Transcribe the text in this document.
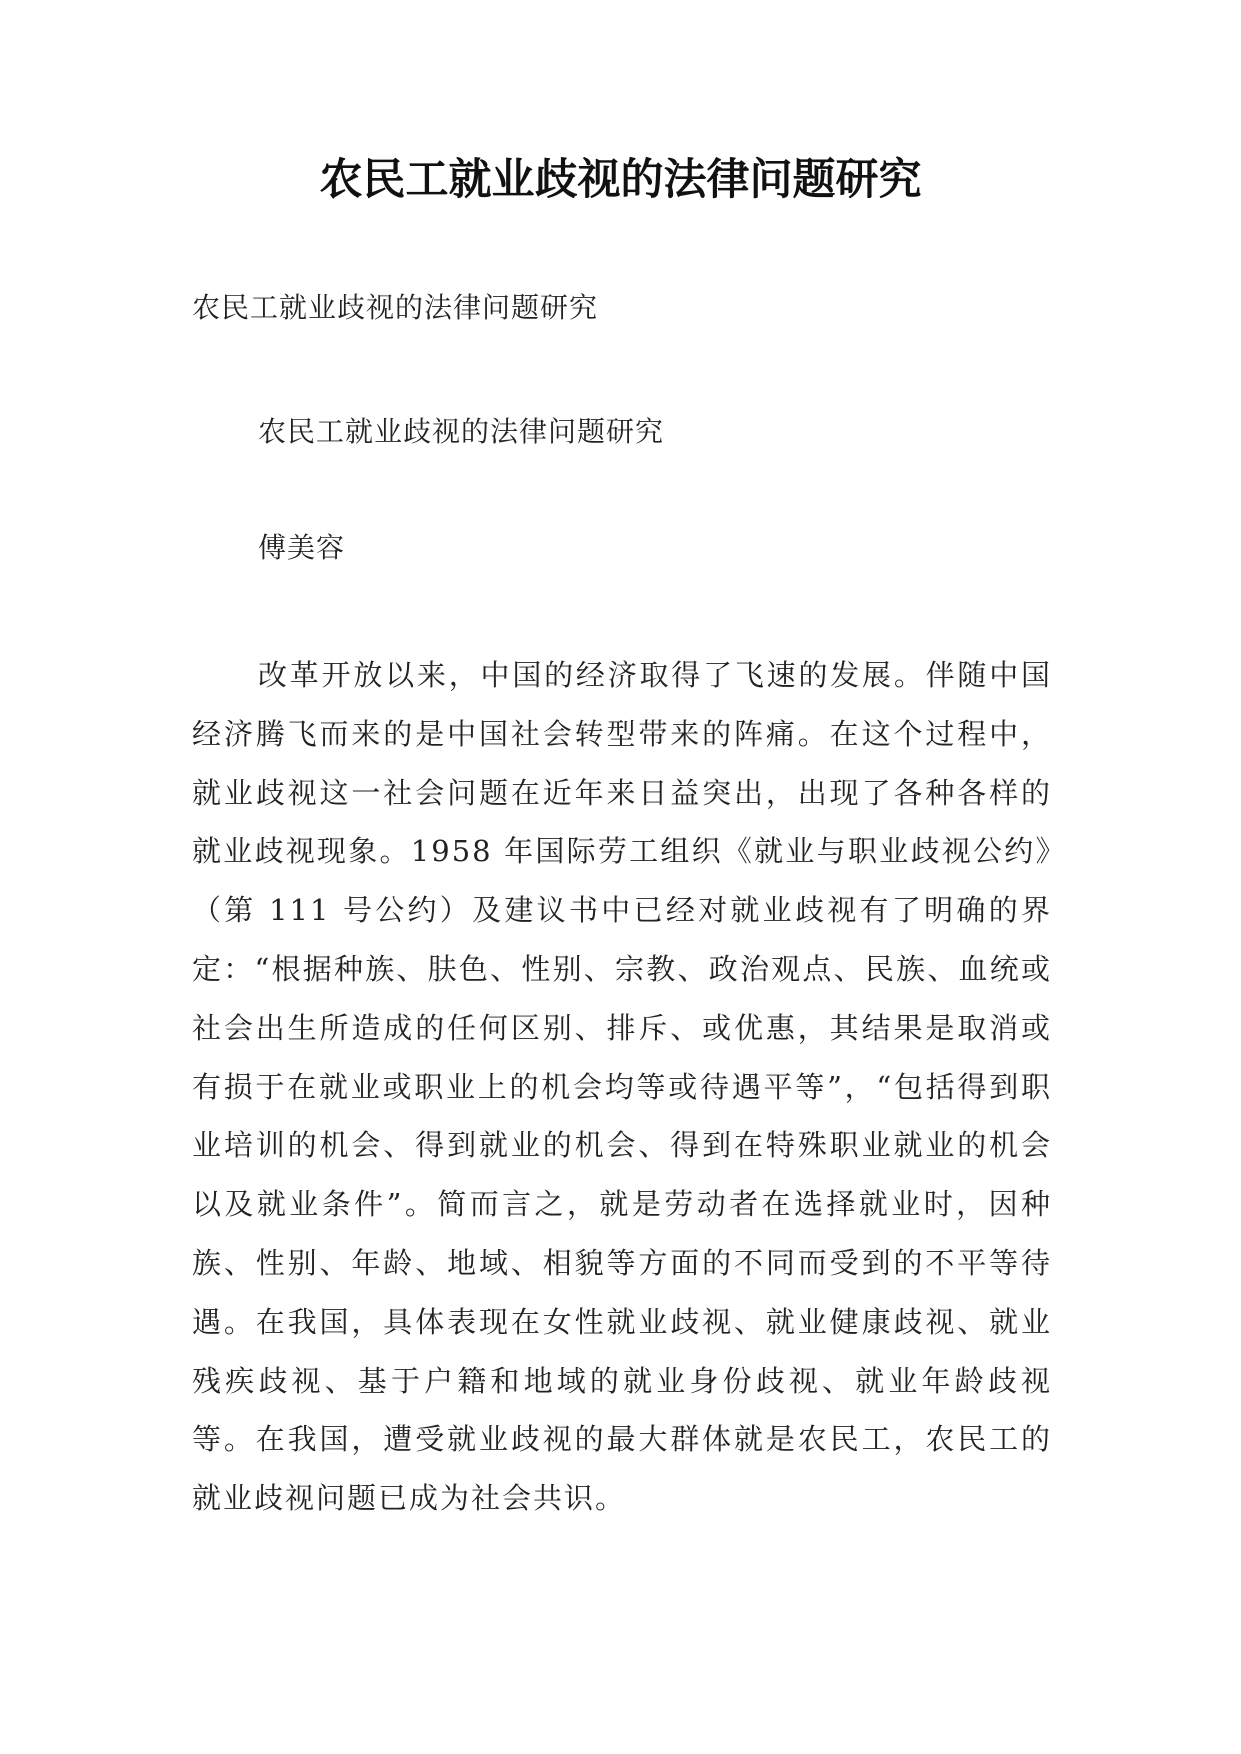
农民工就业歧视的法律问题研究

农民工就业歧视的法律问题研究

农民工就业歧视的法律问题研究

傅美容

改革开放以来，中国的经济取得了飞速的发展。伴随中国经济腾飞而来的是中国社会转型带来的阵痛。在这个过程中，就业歧视这一社会问题在近年来日益突出，出现了各种各样的就业歧视现象。1958 年国际劳工组织《就业与职业歧视公约》（第 111 号公约）及建议书中已经对就业歧视有了明确的界定：“根据种族、肤色、性别、宗教、政治观点、民族、血统或社会出生所造成的任何区别、排斥、或优惠，其结果是取消或有损于在就业或职业上的机会均等或待遇平等”，“包括得到职业培训的机会、得到就业的机会、得到在特殊职业就业的机会以及就业条件”。简而言之，就是劳动者在选择就业时，因种族、性别、年龄、地域、相貌等方面的不同而受到的不平等待遇。在我国，具体表现在女性就业歧视、就业健康歧视、就业残疾歧视、基于户籍和地域的就业身份歧视、就业年龄歧视等。在我国，遭受就业歧视的最大群体就是农民工，农民工的就业歧视问题已成为社会共识。
